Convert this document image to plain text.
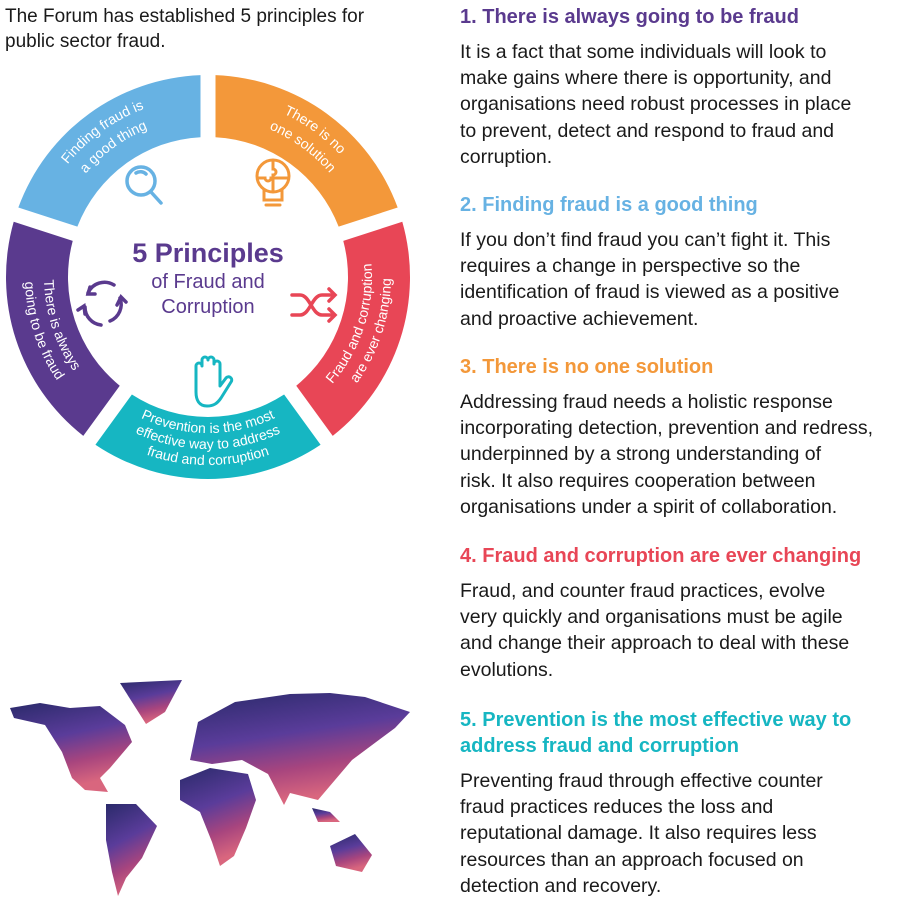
The Forum has established 5 principles for
public sector fraud.
Finding fraud is
a good thing
There is no
one solution
Fraud and corruption
are ever changing
Prevention is the most
effective way to address
fraud and corruption
There is always
going to be fraud
5 Principles
of Fraud and
Corruption
1. There is always going to be fraud
It is a fact that some individuals will look to
make gains where there is opportunity, and
organisations need robust processes in place
to prevent, detect and respond to fraud and
corruption.
2. Finding fraud is a good thing
If you don’t find fraud you can’t fight it. This
requires a change in perspective so the
identification of fraud is viewed as a positive
and proactive achievement.
3. There is no one solution
Addressing fraud needs a holistic response
incorporating detection, prevention and redress,
underpinned by a strong understanding of
risk. It also requires cooperation between
organisations under a spirit of collaboration.
4. Fraud and corruption are ever changing
Fraud, and counter fraud practices, evolve
very quickly and organisations must be agile
and change their approach to deal with these
evolutions.
5. Prevention is the most effective way to
address fraud and corruption
Preventing fraud through effective counter
fraud practices reduces the loss and
reputational damage. It also requires less
resources than an approach focused on
detection and recovery.
